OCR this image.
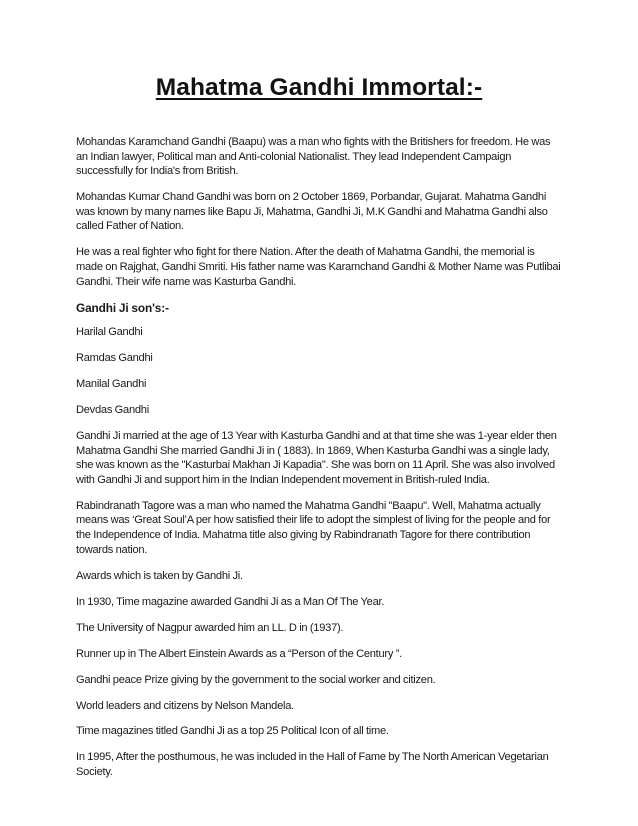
Mahatma Gandhi Immortal:-

Mohandas Karamchand Gandhi (Baapu) was a man who fights with the Britishers for freedom. He was an Indian lawyer, Political man and Anti-colonial Nationalist. They lead Independent Campaign successfully for India's from British.

Mohandas Kumar Chand Gandhi was born on 2 October 1869, Porbandar, Gujarat. Mahatma Gandhi was known by many names like Bapu Ji, Mahatma, Gandhi Ji, M.K Gandhi and Mahatma Gandhi also called Father of Nation.

He was a real fighter who fight for there Nation. After the death of Mahatma Gandhi, the memorial is made on Rajghat, Gandhi Smriti. His father name was Karamchand Gandhi & Mother Name was Putlibai Gandhi. Their wife name was Kasturba Gandhi.

Gandhi Ji son's:-

Harilal Gandhi

Ramdas Gandhi

Manilal Gandhi

Devdas Gandhi

Gandhi Ji married at the age of 13 Year with Kasturba Gandhi and at that time she was 1-year elder then Mahatma Gandhi She married Gandhi Ji in ( 1883). In 1869, When Kasturba Gandhi was a single lady, she was known as the "Kasturbai Makhan Ji Kapadia". She was born on 11 April. She was also involved with Gandhi Ji and support him in the Indian Independent movement in British-ruled India.

Rabindranath Tagore was a man who named the Mahatma Gandhi "Baapu". Well, Mahatma actually means was ‘Great Soul’A per how satisfied their life to adopt the simplest of living for the people and for the Independence of India. Mahatma title also giving by Rabindranath Tagore for there contribution towards nation.

Awards which is taken by Gandhi Ji.

In 1930, Time magazine awarded Gandhi Ji as a Man Of The Year.

The University of Nagpur awarded him an LL. D in (1937).

Runner up in The Albert Einstein Awards as a “Person of the Century ”.

Gandhi peace Prize giving by the government to the social worker and citizen.

World leaders and citizens by Nelson Mandela.

Time magazines titled Gandhi Ji as a top 25 Political Icon of all time.

In 1995, After the posthumous, he was included in the Hall of Fame by The North American Vegetarian Society.
